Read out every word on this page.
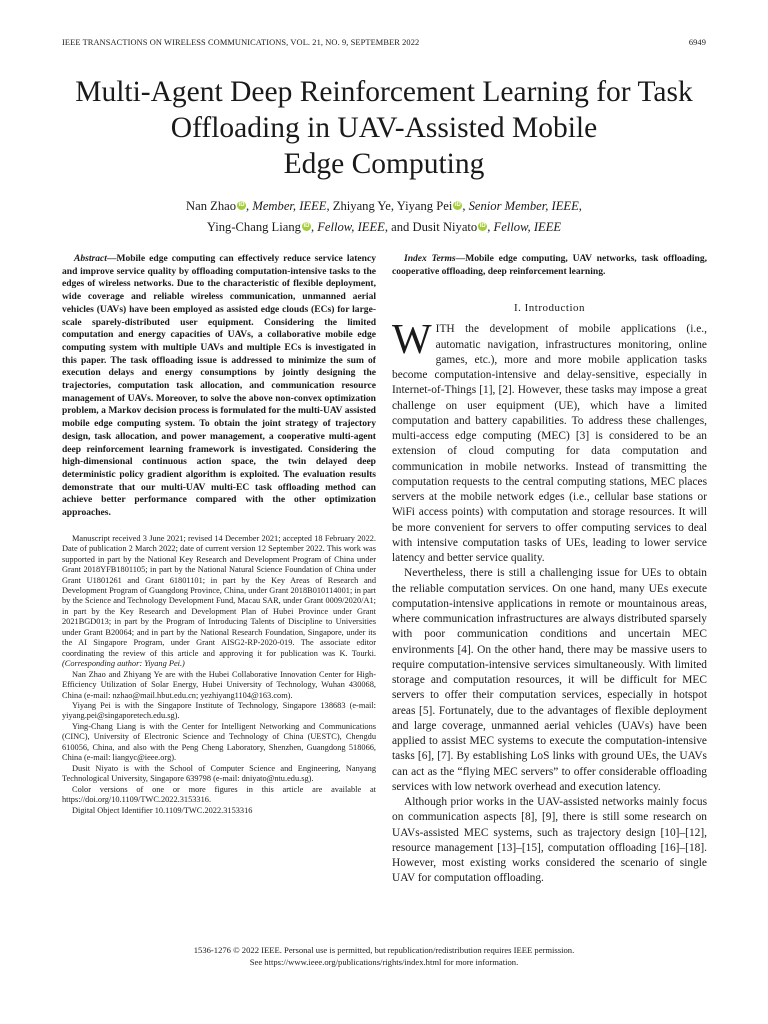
IEEE TRANSACTIONS ON WIRELESS COMMUNICATIONS, VOL. 21, NO. 9, SEPTEMBER 2022	6949
Multi-Agent Deep Reinforcement Learning for Task
Offloading in UAV-Assisted Mobile
Edge Computing
Nan Zhao iD , Member, IEEE, Zhiyang Ye, Yiyang Pei iD , Senior Member, IEEE,
Ying-Chang Liang iD , Fellow, IEEE, and Dusit Niyato iD , Fellow, IEEE

Abstract—Mobile edge computing can effectively reduce service latency and improve service quality by offloading computation-intensive tasks to the edges of wireless networks. Due to the characteristic of flexible deployment, wide coverage and reliable wireless communication, unmanned aerial vehicles (UAVs) have been employed as assisted edge clouds (ECs) for large-scale sparely-distributed user equipment. Considering the limited computation and energy capacities of UAVs, a collaborative mobile edge computing system with multiple UAVs and multiple ECs is investigated in this paper. The task offloading issue is addressed to minimize the sum of execution delays and energy consumptions by jointly designing the trajectories, computation task allocation, and communication resource management of UAVs. Moreover, to solve the above non-convex optimization problem, a Markov decision process is formulated for the multi-UAV assisted mobile edge computing system. To obtain the joint strategy of trajectory design, task allocation, and power management, a cooperative multi-agent deep reinforcement learning framework is investigated. Considering the high-dimensional continuous action space, the twin delayed deep deterministic policy gradient algorithm is exploited. The evaluation results demonstrate that our multi-UAV multi-EC task offloading method can achieve better performance compared with the other optimization approaches.

Manuscript received 3 June 2021; revised 14 December 2021; accepted 18 February 2022. Date of publication 2 March 2022; date of current version 12 September 2022. This work was supported in part by the National Key Research and Development Program of China under Grant 2018YFB1801105; in part by the National Natural Science Foundation of China under Grant U1801261 and Grant 61801101; in part by the Key Areas of Research and Development Program of Guangdong Province, China, under Grant 2018B010114001; in part by the Science and Technology Development Fund, Macau SAR, under Grant 0009/2020/A1; in part by the Key Research and Development Plan of Hubei Province under Grant 2021BGD013; in part by the Program of Introducing Talents of Discipline to Universities under Grant B20064; and in part by the National Research Foundation, Singapore, under its the AI Singapore Program, under Grant AISG2-RP-2020-019. The associate editor coordinating the review of this article and approving it for publication was K. Tourki. (Corresponding author: Yiyang Pei.)

Nan Zhao and Zhiyang Ye are with the Hubei Collaborative Innovation Center for High-Efficiency Utilization of Solar Energy, Hubei University of Technology, Wuhan 430068, China (e-mail: nzhao@mail.hbut.edu.cn; yezhiyang1104@163.com).

Yiyang Pei is with the Singapore Institute of Technology, Singapore 138683 (e-mail: yiyang.pei@singaporetech.edu.sg).

Ying-Chang Liang is with the Center for Intelligent Networking and Communications (CINC), University of Electronic Science and Technology of China (UESTC), Chengdu 610056, China, and also with the Peng Cheng Laboratory, Shenzhen, Guangdong 518066, China (e-mail: liangyc@ieee.org).

Dusit Niyato is with the School of Computer Science and Engineering, Nanyang Technological University, Singapore 639798 (e-mail: dniyato@ntu.edu.sg).

Color versions of one or more figures in this article are available at https://doi.org/10.1109/TWC.2022.3153316.

Digital Object Identifier 10.1109/TWC.2022.3153316

Index Terms—Mobile edge computing, UAV networks, task offloading, cooperative offloading, deep reinforcement learning.

I. Introduction

WITH the development of mobile applications (i.e., automatic navigation, infrastructures monitoring, online games, etc.), more and more mobile application tasks become computation-intensive and delay-sensitive, especially in Internet-of-Things [1], [2]. However, these tasks may impose a great challenge on user equipment (UE), which have a limited computation and battery capabilities. To address these challenges, multi-access edge computing (MEC) [3] is considered to be an extension of cloud computing for data computation and communication in mobile networks. Instead of transmitting the computation requests to the central computing stations, MEC places servers at the mobile network edges (i.e., cellular base stations or WiFi access points) with computation and storage resources. It will be more convenient for servers to offer computing services to deal with intensive computation tasks of UEs, leading to lower service latency and better service quality.

Nevertheless, there is still a challenging issue for UEs to obtain the reliable computation services. On one hand, many UEs execute computation-intensive applications in remote or mountainous areas, where communication infrastructures are always distributed sparsely with poor communication conditions and uncertain MEC environments [4]. On the other hand, there may be massive users to require computation-intensive services simultaneously. With limited storage and computation resources, it will be difficult for MEC servers to offer their computation services, especially in hotspot areas [5]. Fortunately, due to the advantages of flexible deployment and large coverage, unmanned aerial vehicles (UAVs) have been applied to assist MEC systems to execute the computation-intensive tasks [6], [7]. By establishing LoS links with ground UEs, the UAVs can act as the “flying MEC servers” to offer considerable offloading services with low network overhead and execution latency.

Although prior works in the UAV-assisted networks mainly focus on communication aspects [8], [9], there is still some research on UAVs-assisted MEC systems, such as trajectory design [10]–[12], resource management [13]–[15], computation offloading [16]–[18]. However, most existing works considered the scenario of single UAV for computation offloading.

1536-1276 © 2022 IEEE. Personal use is permitted, but republication/redistribution requires IEEE permission.
See https://www.ieee.org/publications/rights/index.html for more information.
